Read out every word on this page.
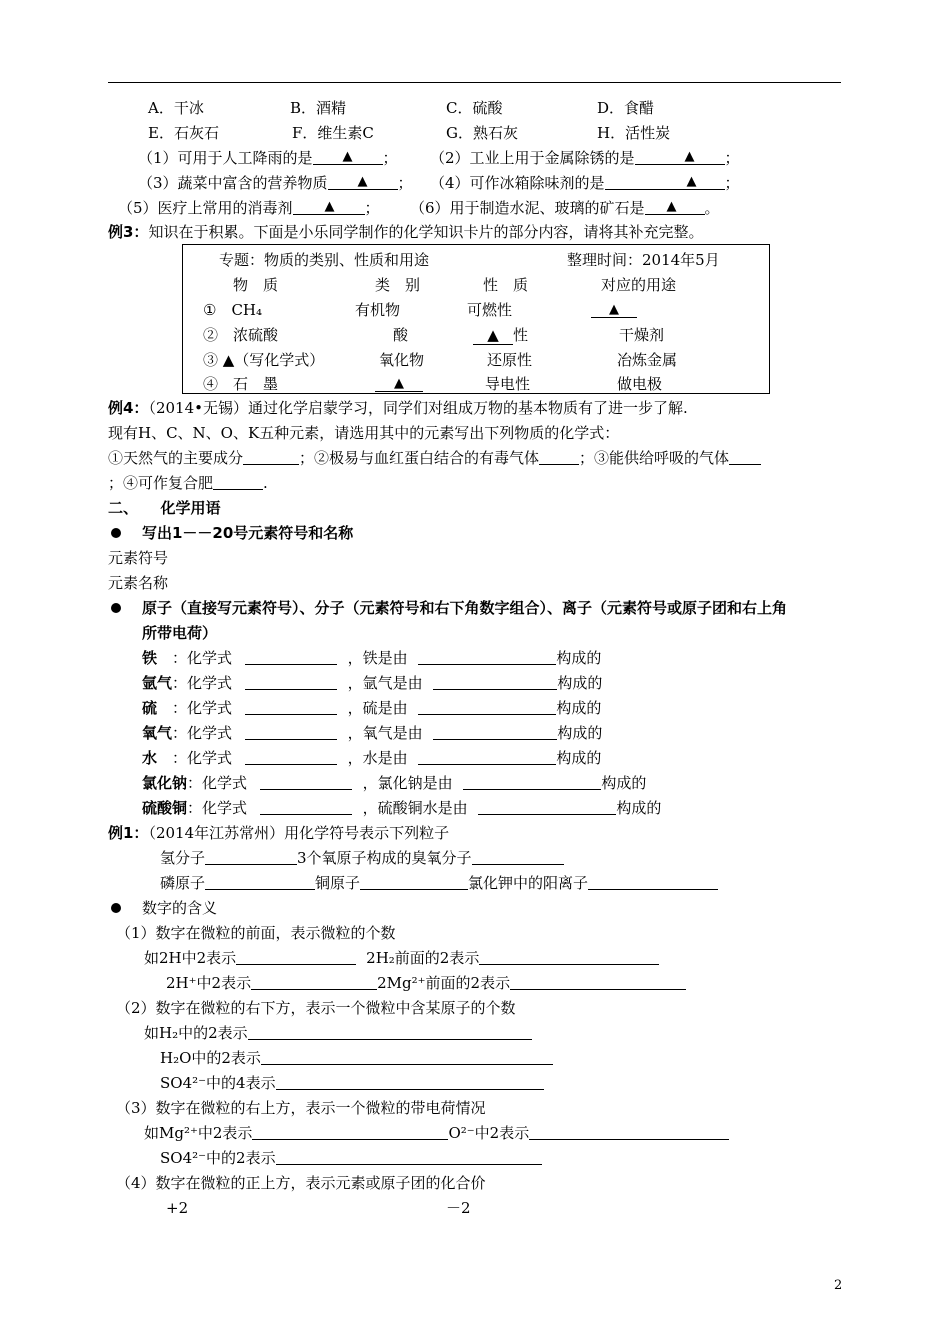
A．干冰	B．酒精	C．硫酸	D．食醋
E．石灰石	F．维生素C	G．熟石灰	H．活性炭
（1）可用于人工降雨的是 ▲ ； （2）工业上用于金属除锈的是	▲ ；
（3）蔬菜中富含的营养物质 ▲ ； （4）可作冰箱除味剂的是	▲ ；
（5）医疗上常用的消毒剂 ▲ ； （6）用于制造水泥、玻璃的矿石是 ▲ 。
例3：知识在于积累。下面是小乐同学制作的化学知识卡片的部分内容，请将其补充完整。
专题：物质的类别、性质和用途	整理时间：2014年5月
物　质	类　别	性　质	对应的用途
①　CH₄	有机物	可燃性	▲
②　浓硫酸	酸	▲ 性	干燥剂
③ ▲（写化学式）	氧化物	还原性	冶炼金属
④　石　墨	▲	导电性	做电极
例4：（2014•无锡）通过化学启蒙学习，同学们对组成万物的基本物质有了进一步了解.
现有H、C、N、O、K五种元素，请选用其中的元素写出下列物质的化学式：
①天然气的主要成分	；②极易与血红蛋白结合的有毒气体	；③能供给呼吸的气体
；④可作复合肥	.
二、　　化学用语
写出1－－20号元素符号和名称
元素符号
元素名称
原子（直接写元素符号）、分子（元素符号和右下角数字组合）、离子（元素符号或原子团和右上角
所带电荷）
铁　：化学式	，铁是由	构成的
氩气：化学式	，氩气是由	构成的
硫　：化学式	，硫是由	构成的
氧气：化学式	，氧气是由	构成的
水　：化学式	，水是由	构成的
氯化钠：化学式	，氯化钠是由	构成的
硫酸铜：化学式	，硫酸铜水是由	构成的
例1：（2014年江苏常州）用化学符号表示下列粒子
氢分子	3个氧原子构成的臭氧分子
磷原子	铜原子	氯化钾中的阳离子
数字的含义
（1）数字在微粒的前面，表示微粒的个数
如2H中2表示	2H₂前面的2表示
2H⁺中2表示	2Mg²⁺前面的2表示
（2）数字在微粒的右下方，表示一个微粒中含某原子的个数
如H₂中的2表示
H₂O中的2表示
SO4²⁻中的4表示
（3）数字在微粒的右上方，表示一个微粒的带电荷情况
如Mg²⁺中2表示	O²⁻中2表示
SO4²⁻中的2表示
（4）数字在微粒的正上方，表示元素或原子团的化合价
+2	－2
2
